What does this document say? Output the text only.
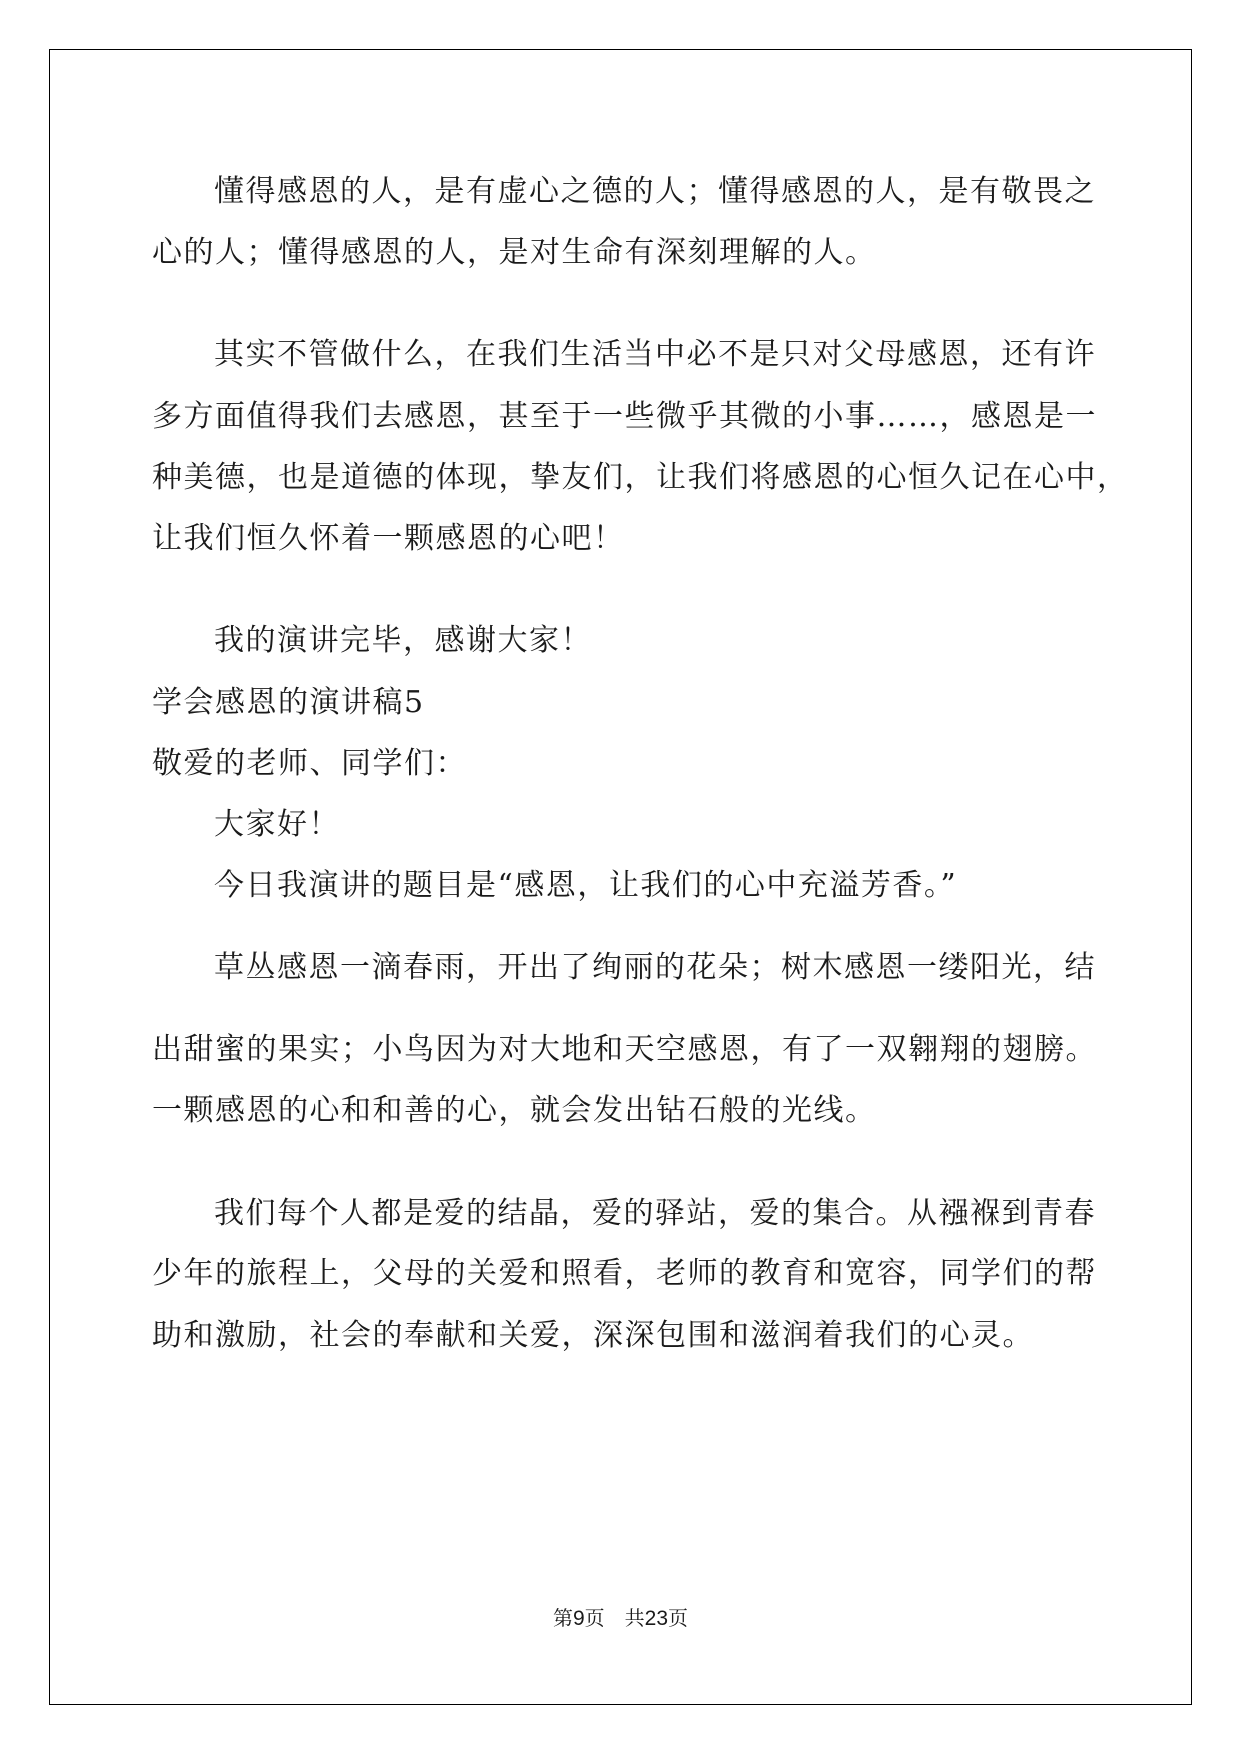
懂得感恩的人，是有虚心之德的人；懂得感恩的人，是有敬畏之
心的人；懂得感恩的人，是对生命有深刻理解的人。
其实不管做什么，在我们生活当中必不是只对父母感恩，还有许
多方面值得我们去感恩，甚至于一些微乎其微的小事……，感恩是一
种美德，也是道德的体现，挚友们，让我们将感恩的心恒久记在心中，
让我们恒久怀着一颗感恩的心吧！
我的演讲完毕，感谢大家！
学会感恩的演讲稿5
敬爱的老师、同学们：
大家好！
今日我演讲的题目是“感恩，让我们的心中充溢芳香。”
草丛感恩一滴春雨，开出了绚丽的花朵；树木感恩一缕阳光，结
出甜蜜的果实；小鸟因为对大地和天空感恩，有了一双翱翔的翅膀。
一颗感恩的心和和善的心，就会发出钻石般的光线。
我们每个人都是爱的结晶，爱的驿站，爱的集合。从襁褓到青春
少年的旅程上，父母的关爱和照看，老师的教育和宽容，同学们的帮
助和激励，社会的奉献和关爱，深深包围和滋润着我们的心灵。
第9页 共23页
